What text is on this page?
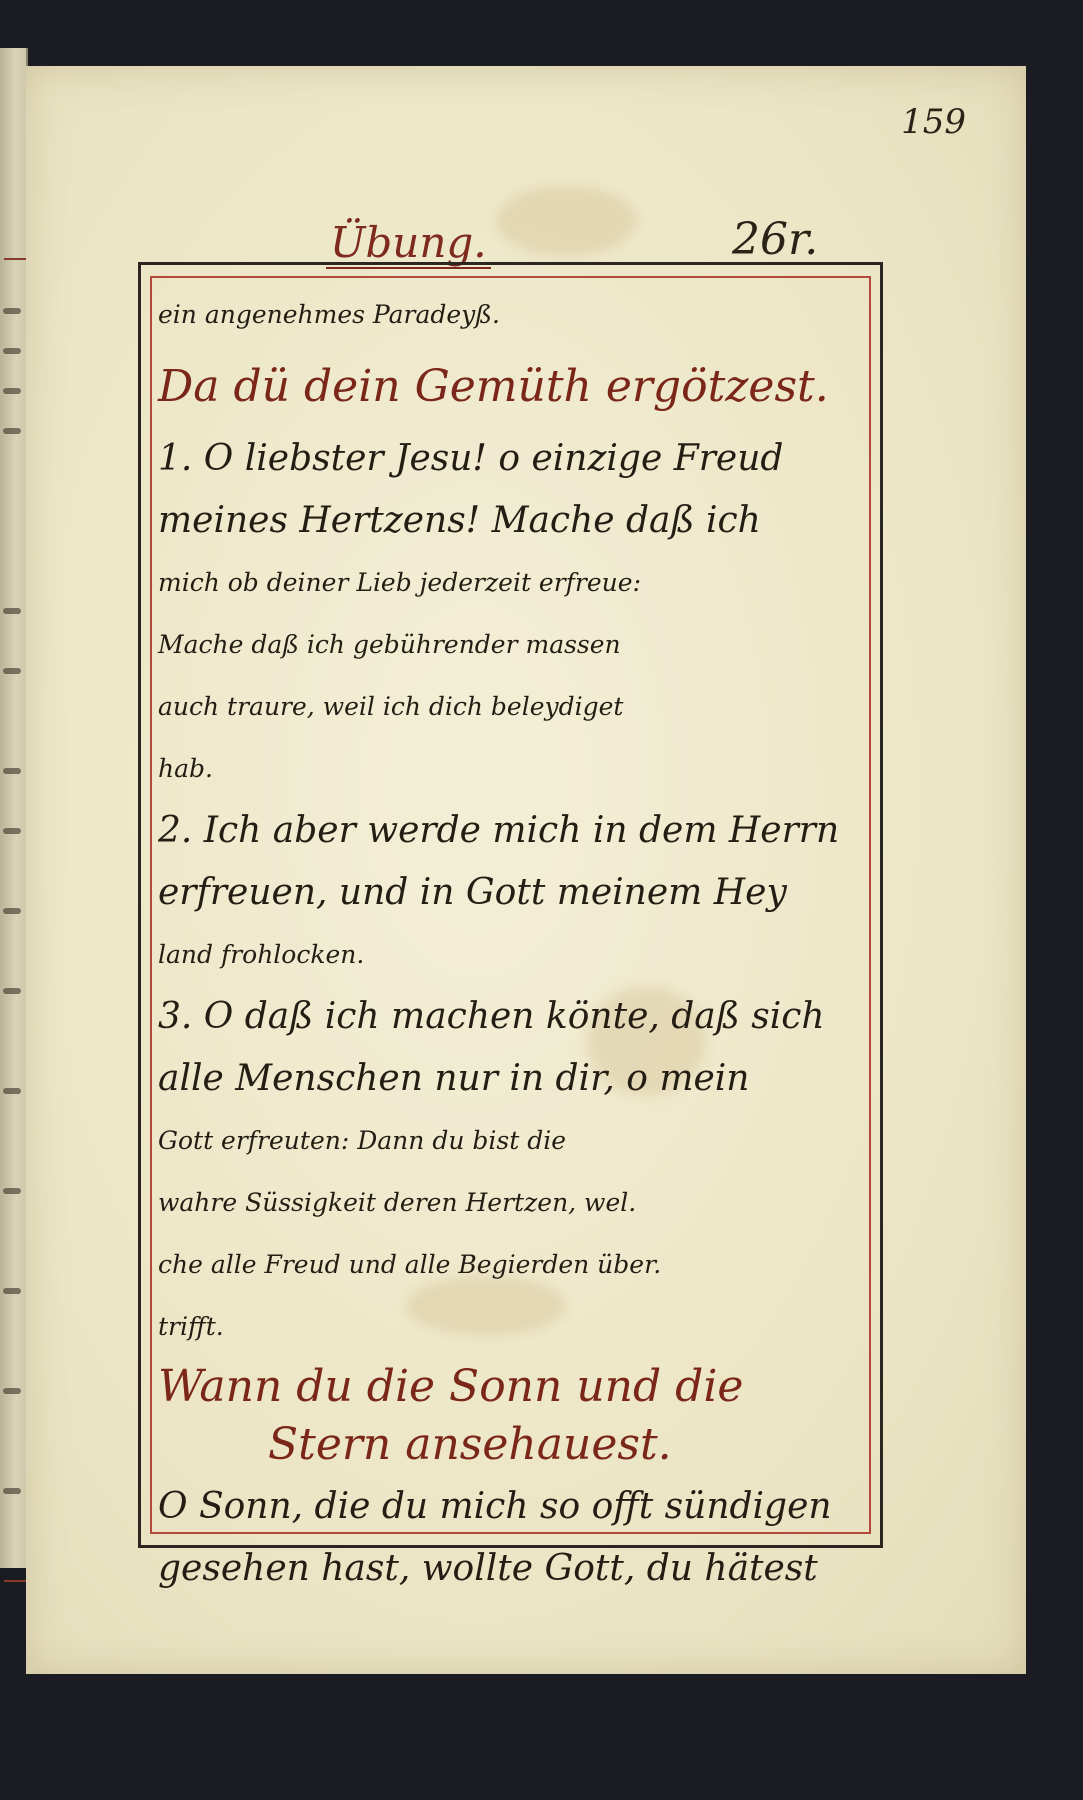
159
Übung.	26r.
ein angenehmes Paradeyß.
Da dü dein Gemüth ergötzest.
1. O liebster Jesu! o einzige Freud
meines Hertzens! Mache daß ich
mich ob deiner Lieb jederzeit erfreue:
Mache daß ich gebührender massen
auch traure, weil ich dich beleydiget
hab.
2. Ich aber werde mich in dem Herrn
erfreuen, und in Gott meinem Hey
land frohlocken.
3. O daß ich machen könte, daß sich
alle Menschen nur in dir, o mein
Gott erfreuten: Dann du bist die
wahre Süssigkeit deren Hertzen, wel.
che alle Freud und alle Begierden über.
trifft.
Wann du die Sonn und die
Stern ansehauest.
O Sonn, die du mich so offt sündigen
gesehen hast, wollte Gott, du hätest
